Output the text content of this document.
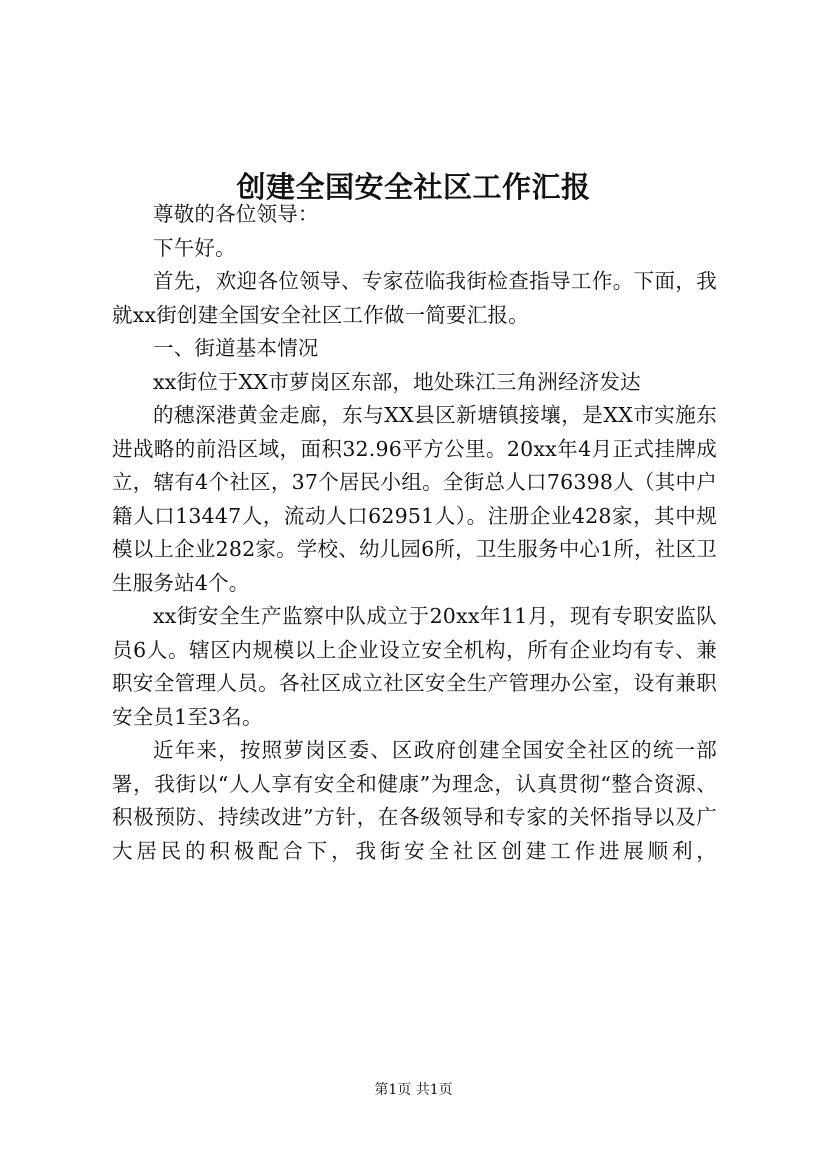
创建全国安全社区工作汇报

尊敬的各位领导：

下午好。

首先，欢迎各位领导、专家莅临我街检查指导工作。下面，我就xx街创建全国安全社区工作做一简要汇报。

一、街道基本情况

xx街位于XX市萝岗区东部，地处珠江三角洲经济发达

的穗深港黄金走廊，东与XX县区新塘镇接壤，是XX市实施东进战略的前沿区域，面积32.96平方公里。20xx年4月正式挂牌成立，辖有4个社区，37个居民小组。全街总人口76398人（其中户籍人口13447人，流动人口62951人）。注册企业428家，其中规模以上企业282家。学校、幼儿园6所，卫生服务中心1所，社区卫生服务站4个。

xx街安全生产监察中队成立于20xx年11月，现有专职安监队员6人。辖区内规模以上企业设立安全机构，所有企业均有专、兼职安全管理人员。各社区成立社区安全生产管理办公室，设有兼职安全员1至3名。

近年来，按照萝岗区委、区政府创建全国安全社区的统一部署，我街以“人人享有安全和健康”为理念，认真贯彻“整合资源、积极预防、持续改进”方针，在各级领导和专家的关怀指导以及广大居民的积极配合下，我街安全社区创建工作进展顺利，

第1页 共1页
